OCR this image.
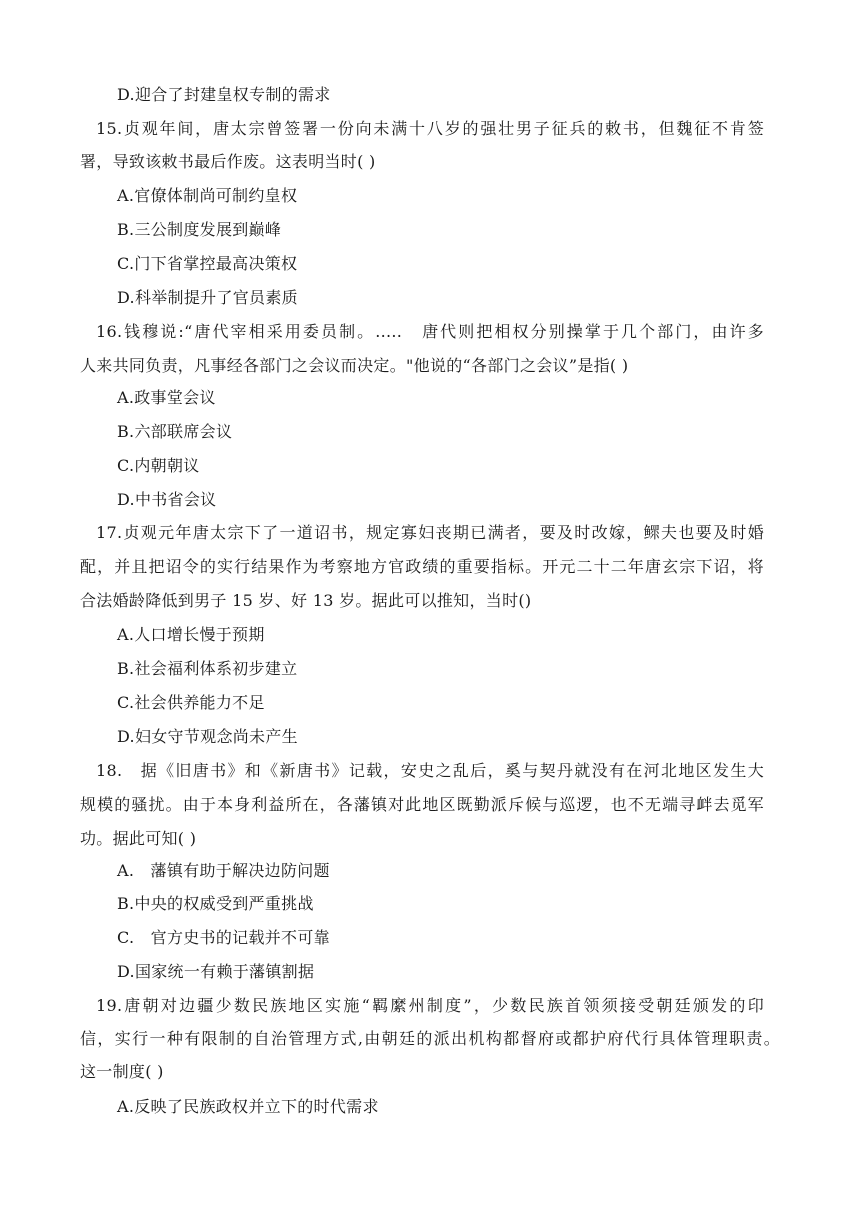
D.迎合了封建皇权专制的需求
15.贞观年间，唐太宗曾签署一份向未满十八岁的强壮男子征兵的敕书，但魏征不肯签
署，导致该敕书最后作废。这表明当时( )
A.官僚体制尚可制约皇权
B.三公制度发展到巅峰
C.门下省掌控最高决策权
D.科举制提升了官员素质
16.钱穆说:“唐代宰相采用委员制。.....　唐代则把相权分别操掌于几个部门，由许多
人来共同负责，凡事经各部门之会议而决定。"他说的“各部门之会议”是指( )
A.政事堂会议
B.六部联席会议
C.内朝朝议
D.中书省会议
17.贞观元年唐太宗下了一道诏书，规定寡妇丧期已满者，要及时改嫁，鳏夫也要及时婚
配，并且把诏令的实行结果作为考察地方官政绩的重要指标。开元二十二年唐玄宗下诏，将
合法婚龄降低到男子 15 岁、好 13 岁。据此可以推知，当时()
A.人口增长慢于预期
B.社会福利体系初步建立
C.社会供养能力不足
D.妇女守节观念尚未产生
18.　据《旧唐书》和《新唐书》记载，安史之乱后，奚与契丹就没有在河北地区发生大
规模的骚扰。由于本身利益所在，各藩镇对此地区既勤派斥候与巡逻，也不无端寻衅去觅军
功。据此可知( )
A.　藩镇有助于解决边防问题
B.中央的权威受到严重挑战
C.　官方史书的记载并不可靠
D.国家统一有赖于藩镇割据
19.唐朝对边疆少数民族地区实施“羁縻州制度”，少数民族首领须接受朝廷颁发的印
信，实行一种有限制的自治管理方式,由朝廷的派出机构都督府或都护府代行具体管理职责。
这一制度( )
A.反映了民族政权并立下的时代需求
